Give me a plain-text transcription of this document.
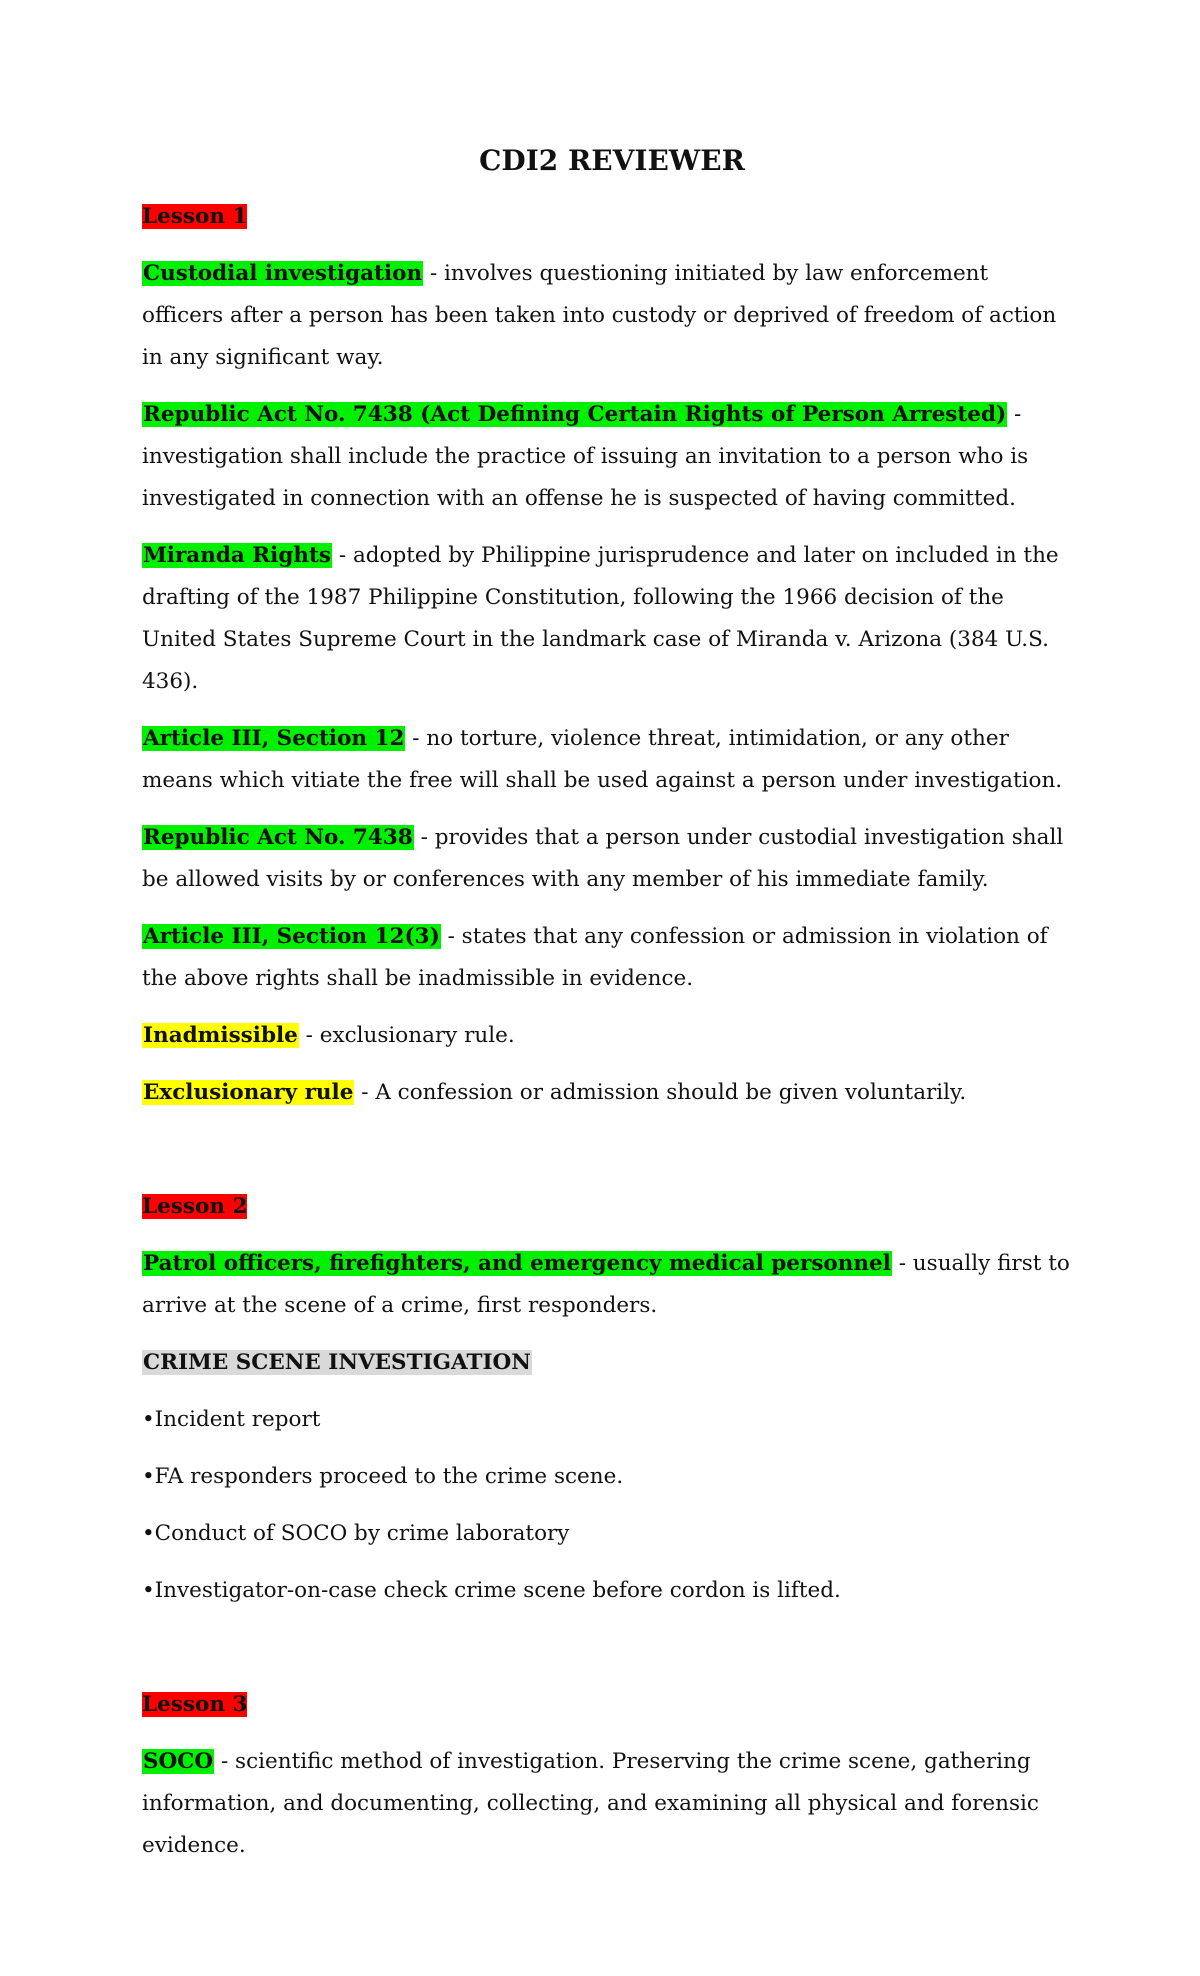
CDI2 REVIEWER
Lesson 1

Custodial investigation - involves questioning initiated by law enforcement officers after a person has been taken into custody or deprived of freedom of action in any significant way.

Republic Act No. 7438 (Act Defining Certain Rights of Person Arrested) - investigation shall include the practice of issuing an invitation to a person who is investigated in connection with an offense he is suspected of having committed.

Miranda Rights - adopted by Philippine jurisprudence and later on included in the drafting of the 1987 Philippine Constitution, following the 1966 decision of the United States Supreme Court in the landmark case of Miranda v. Arizona (384 U.S. 436).

Article III, Section 12 - no torture, violence threat, intimidation, or any other means which vitiate the free will shall be used against a person under investigation.

Republic Act No. 7438 - provides that a person under custodial investigation shall be allowed visits by or conferences with any member of his immediate family.

Article III, Section 12(3) - states that any confession or admission in violation of the above rights shall be inadmissible in evidence.

Inadmissible - exclusionary rule.

Exclusionary rule - A confession or admission should be given voluntarily.

Lesson 2

Patrol officers, firefighters, and emergency medical personnel - usually first to arrive at the scene of a crime, first responders.

CRIME SCENE INVESTIGATION

•Incident report

•FA responders proceed to the crime scene.

•Conduct of SOCO by crime laboratory

•Investigator-on-case check crime scene before cordon is lifted.

Lesson 3

SOCO - scientific method of investigation. Preserving the crime scene, gathering information, and documenting, collecting, and examining all physical and forensic evidence.
